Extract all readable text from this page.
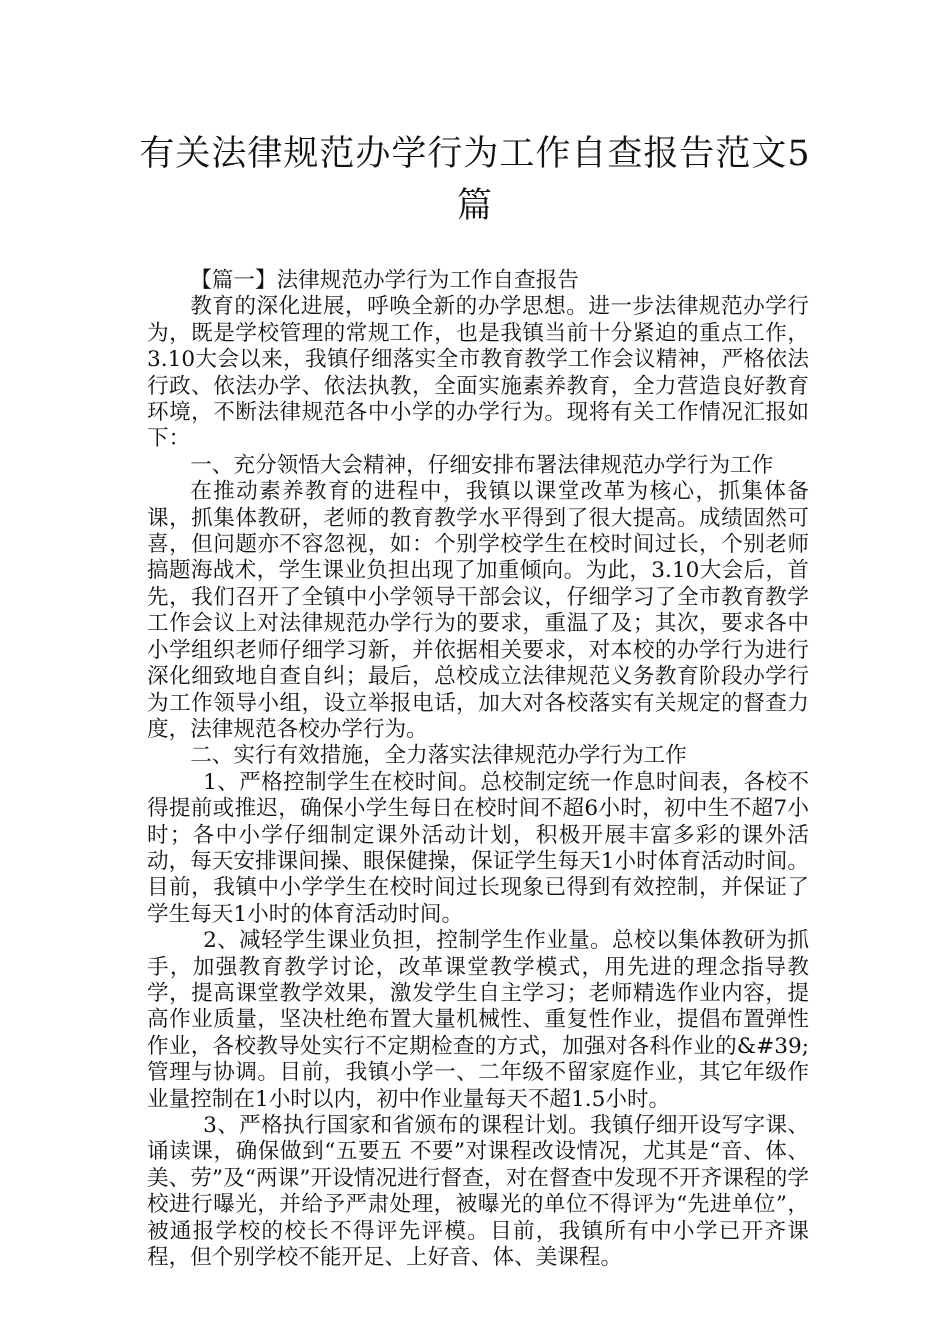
有关法律规范办学行为工作自查报告范文5篇

【篇一】法律规范办学行为工作自查报告

教育的深化进展，呼唤全新的办学思想。进一步法律规范办学行为，既是学校管理的常规工作，也是我镇当前十分紧迫的重点工作，3.10大会以来，我镇仔细落实全市教育教学工作会议精神，严格依法行政、依法办学、依法执教，全面实施素养教育，全力营造良好教育环境，不断法律规范各中小学的办学行为。现将有关工作情况汇报如下：

一、充分领悟大会精神，仔细安排布署法律规范办学行为工作

在推动素养教育的进程中，我镇以课堂改革为核心，抓集体备课，抓集体教研，老师的教育教学水平得到了很大提高。成绩固然可喜，但问题亦不容忽视，如：个别学校学生在校时间过长，个别老师搞题海战术，学生课业负担出现了加重倾向。为此，3.10大会后，首先，我们召开了全镇中小学领导干部会议，仔细学习了全市教育教学工作会议上对法律规范办学行为的要求，重温了及；其次，要求各中小学组织老师仔细学习新，并依据相关要求，对本校的办学行为进行深化细致地自查自纠；最后，总校成立法律规范义务教育阶段办学行为工作领导小组，设立举报电话，加大对各校落实有关规定的督查力度，法律规范各校办学行为。

二、实行有效措施，全力落实法律规范办学行为工作

1、严格控制学生在校时间。总校制定统一作息时间表，各校不得提前或推迟，确保小学生每日在校时间不超6小时，初中生不超7小时；各中小学仔细制定课外活动计划，积极开展丰富多彩的课外活动，每天安排课间操、眼保健操，保证学生每天1小时体育活动时间。目前，我镇中小学学生在校时间过长现象已得到有效控制，并保证了学生每天1小时的体育活动时间。

2、减轻学生课业负担，控制学生作业量。总校以集体教研为抓手，加强教育教学讨论，改革课堂教学模式，用先进的理念指导教学，提高课堂教学效果，激发学生自主学习；老师精选作业内容，提高作业质量，坚决杜绝布置大量机械性、重复性作业，提倡布置弹性作业，各校教导处实行不定期检查的方式，加强对各科作业的&#39;管理与协调。目前，我镇小学一、二年级不留家庭作业，其它年级作业量控制在1小时以内，初中作业量每天不超1.5小时。

3、严格执行国家和省颁布的课程计划。我镇仔细开设写字课、诵读课，确保做到“五要五 不要”对课程改设情况，尤其是“音、体、美、劳”及“两课”开设情况进行督查，对在督查中发现不开齐课程的学校进行曝光，并给予严肃处理，被曝光的单位不得评为“先进单位”，被通报学校的校长不得评先评模。目前，我镇所有中小学已开齐课程，但个别学校不能开足、上好音、体、美课程。
